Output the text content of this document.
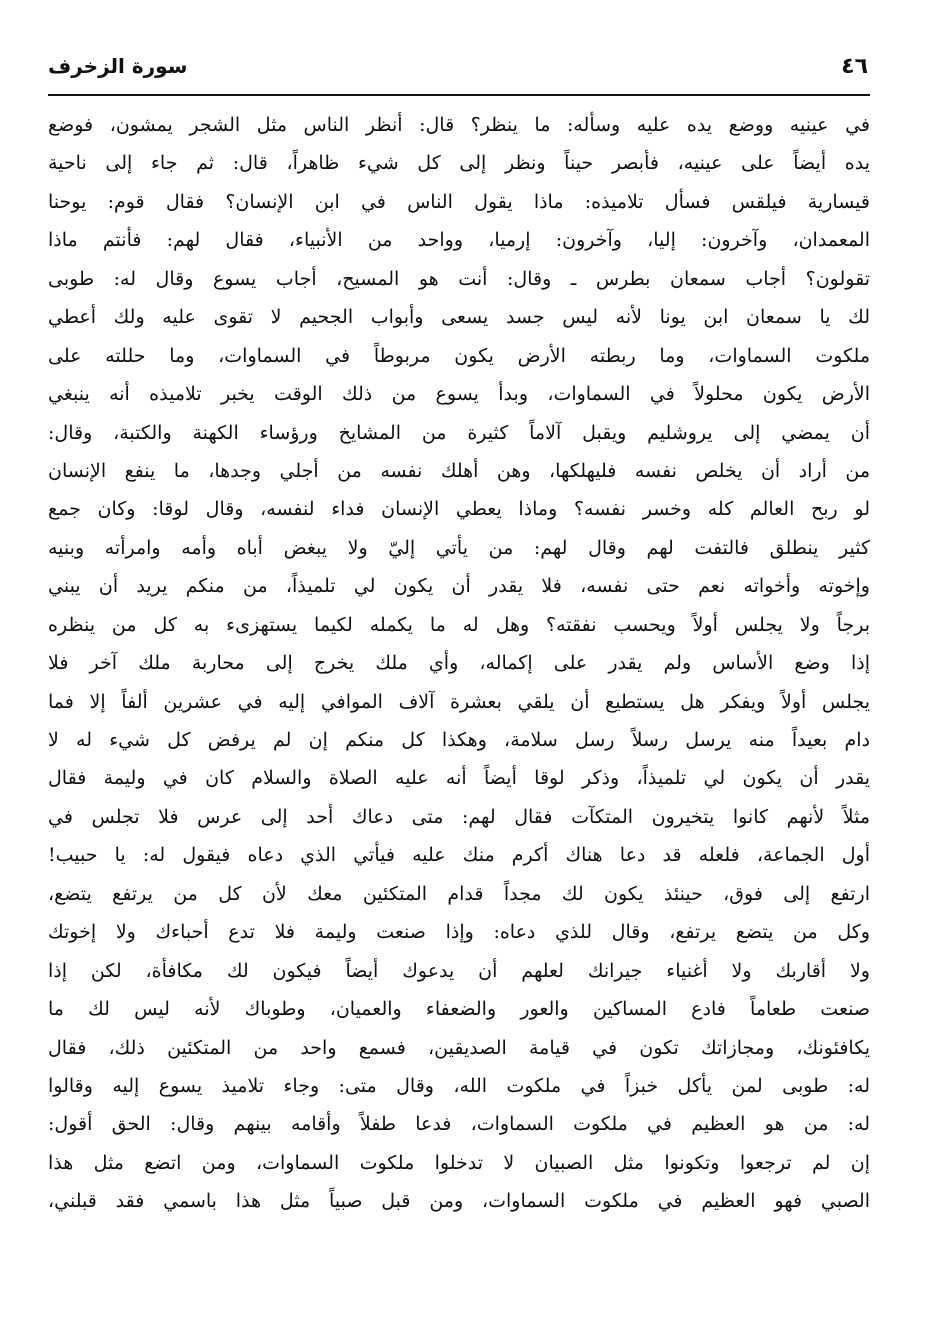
٤٦
سورة الزخرف
في عينيه ووضع يده عليه وسأله: ما ينظر؟ قال: أنظر الناس مثل الشجر يمشون، فوضع
يده أيضاً على عينيه، فأبصر حيناً ونظر إلى كل شيء ظاهراً، قال: ثم جاء إلى ناحية
قيسارية فيلقس فسأل تلاميذه: ماذا يقول الناس في ابن الإنسان؟ فقال قوم: يوحنا
المعمدان، وآخرون: إليا، وآخرون: إرميا، وواحد من الأنبياء، فقال لهم: فأنتم ماذا
تقولون؟ أجاب سمعان بطرس ـ وقال: أنت هو المسيح، أجاب يسوع وقال له: طوبى
لك يا سمعان ابن يونا لأنه ليس جسد يسعى وأبواب الجحيم لا تقوى عليه ولك أعطي
ملكوت السماوات، وما ربطته الأرض يكون مربوطاً في السماوات، وما حللته على
الأرض يكون محلولاً في السماوات، وبدأ يسوع من ذلك الوقت يخبر تلاميذه أنه ينبغي
أن يمضي إلى يروشليم ويقبل آلاماً كثيرة من المشايخ ورؤساء الكهنة والكتبة، وقال:
من أراد أن يخلص نفسه فليهلكها، وهن أهلك نفسه من أجلي وجدها، ما ينفع الإنسان
لو ربح العالم كله وخسر نفسه؟ وماذا يعطي الإنسان فداء لنفسه، وقال لوقا: وكان جمع
كثير ينطلق فالتفت لهم وقال لهم: من يأتي إليّ ولا يبغض أباه وأمه وامرأته وبنيه
وإخوته وأخواته نعم حتى نفسه، فلا يقدر أن يكون لي تلميذاً، من منكم يريد أن يبني
برجاً ولا يجلس أولاً ويحسب نفقته؟ وهل له ما يكمله لكيما يستهزىء به كل من ينظره
إذا وضع الأساس ولم يقدر على إكماله، وأي ملك يخرج إلى محاربة ملك آخر فلا
يجلس أولاً ويفكر هل يستطيع أن يلقي بعشرة آلاف الموافي إليه في عشرين ألفاً إلا فما
دام بعيداً منه يرسل رسلاً رسل سلامة، وهكذا كل منكم إن لم يرفض كل شيء له لا
يقدر أن يكون لي تلميذاً، وذكر لوقا أيضاً أنه عليه الصلاة والسلام كان في وليمة فقال
مثلاً لأنهم كانوا يتخيرون المتكآت فقال لهم: متى دعاك أحد إلى عرس فلا تجلس في
أول الجماعة، فلعله قد دعا هناك أكرم منك عليه فيأتي الذي دعاه فيقول له: يا حبيب!
ارتفع إلى فوق، حينئذ يكون لك مجداً قدام المتكئين معك لأن كل من يرتفع يتضع،
وكل من يتضع يرتفع، وقال للذي دعاه: وإذا صنعت وليمة فلا تدع أحباءك ولا إخوتك
ولا أقاربك ولا أغنياء جيرانك لعلهم أن يدعوك أيضاً فيكون لك مكافأة، لكن إذا
صنعت طعاماً فادع المساكين والعور والضعفاء والعميان، وطوباك لأنه ليس لك ما
يكافئونك، ومجازاتك تكون في قيامة الصديقين، فسمع واحد من المتكئين ذلك، فقال
له: طوبى لمن يأكل خبزاً في ملكوت الله، وقال متى: وجاء تلاميذ يسوع إليه وقالوا
له: من هو العظيم في ملكوت السماوات، فدعا طفلاً وأقامه بينهم وقال: الحق أقول:
إن لم ترجعوا وتكونوا مثل الصبيان لا تدخلوا ملكوت السماوات، ومن اتضع مثل هذا
الصبي فهو العظيم في ملكوت السماوات، ومن قبل صبياً مثل هذا باسمي فقد قبلني،
